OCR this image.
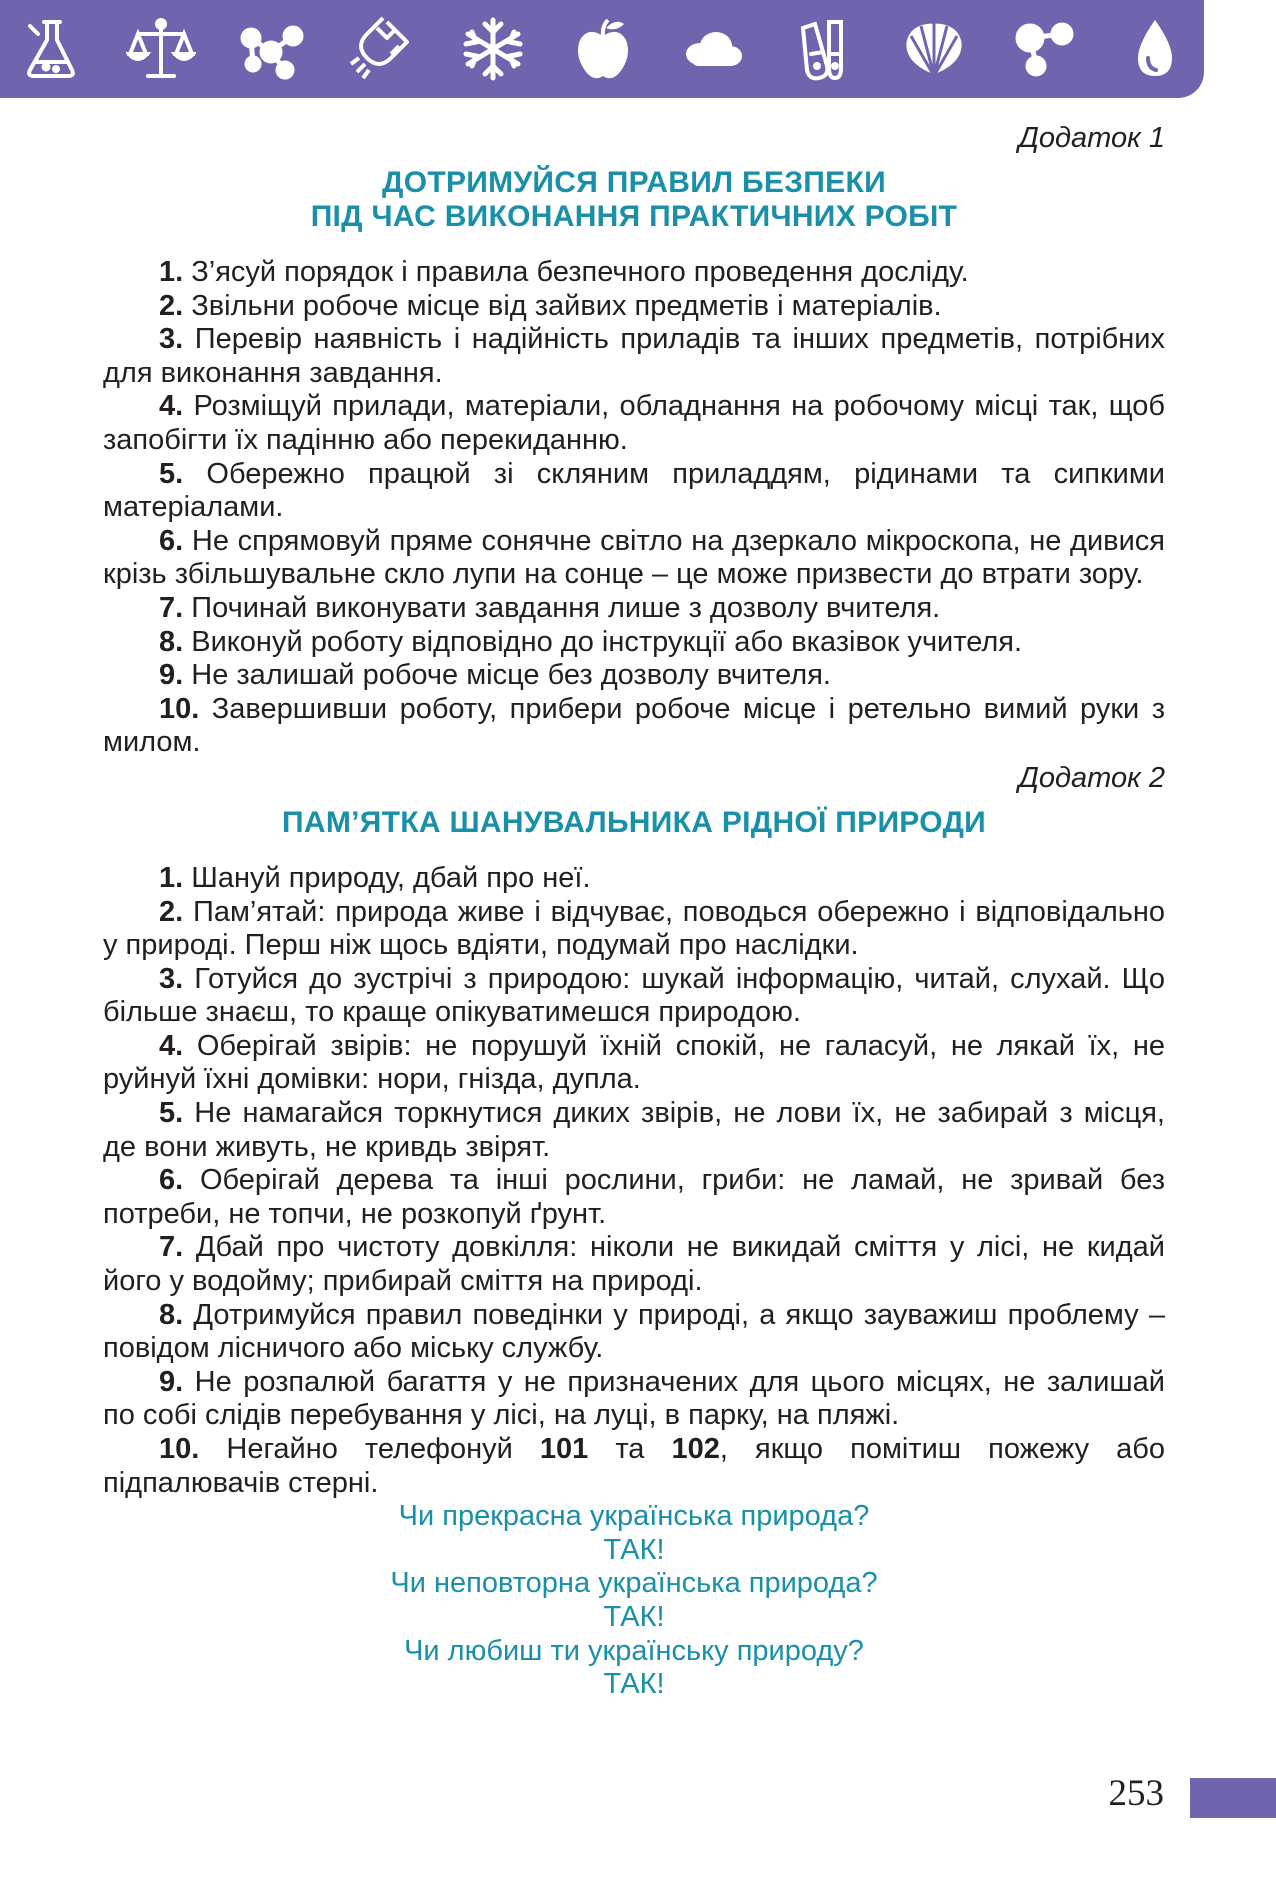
Додаток 1

ДОТРИМУЙСЯ ПРАВИЛ БЕЗПЕКИ
ПІД ЧАС ВИКОНАННЯ ПРАКТИЧНИХ РОБІТ

1. З’ясуй порядок і правила безпечного проведення досліду.

2. Звільни робоче місце від зайвих предметів і матеріалів.

3. Перевір наявність і надійність приладів та інших предметів, потрібних для виконання завдання.

4. Розміщуй прилади, матеріали, обладнання на робочому місці так, щоб запобігти їх падінню або перекиданню.

5. Обережно працюй зі скляним приладдям, рідинами та сипкими матеріалами.

6. Не спрямовуй пряме сонячне світло на дзеркало мікроскопа, не дивися крізь збільшувальне скло лупи на сонце – це може призвести до втрати зору.

7. Починай виконувати завдання лише з дозволу вчителя.

8. Виконуй роботу відповідно до інструкції або вказівок учителя.

9. Не залишай робоче місце без дозволу вчителя.

10. Завершивши роботу, прибери робоче місце і ретельно вимий руки з милом.

Додаток 2

ПАМ’ЯТКА ШАНУВАЛЬНИКА РІДНОЇ ПРИРОДИ

1. Шануй природу, дбай про неї.

2. Пам’ятай: природа живе і відчуває, поводься обережно і відповідально у природі. Перш ніж щось вдіяти, подумай про наслідки.

3. Готуйся до зустрічі з природою: шукай інформацію, читай, слухай. Що більше знаєш, то краще опікуватимешся природою.

4. Оберігай звірів: не порушуй їхній спокій, не галасуй, не лякай їх, не руйнуй їхні домівки: нори, гнізда, дупла.

5. Не намагайся торкнутися диких звірів, не лови їх, не забирай з місця, де вони живуть, не кривдь звірят.

6. Оберігай дерева та інші рослини, гриби: не ламай, не зривай без потреби, не топчи, не розкопуй ґрунт.

7. Дбай про чистоту довкілля: ніколи не викидай сміття у лісі, не кидай його у водойму; прибирай сміття на природі.

8. Дотримуйся правил поведінки у природі, а якщо зауважиш проблему – повідом лісничого або міську службу.

9. Не розпалюй багаття у не призначених для цього місцях, не залишай по собі слідів перебування у лісі, на луці, в парку, на пляжі.

10. Негайно телефонуй 101 та 102, якщо помітиш пожежу або підпалювачів стерні.

Чи прекрасна українська природа?
ТАК!
Чи неповторна українська природа?
ТАК!
Чи любиш ти українську природу?
ТАК!
253
